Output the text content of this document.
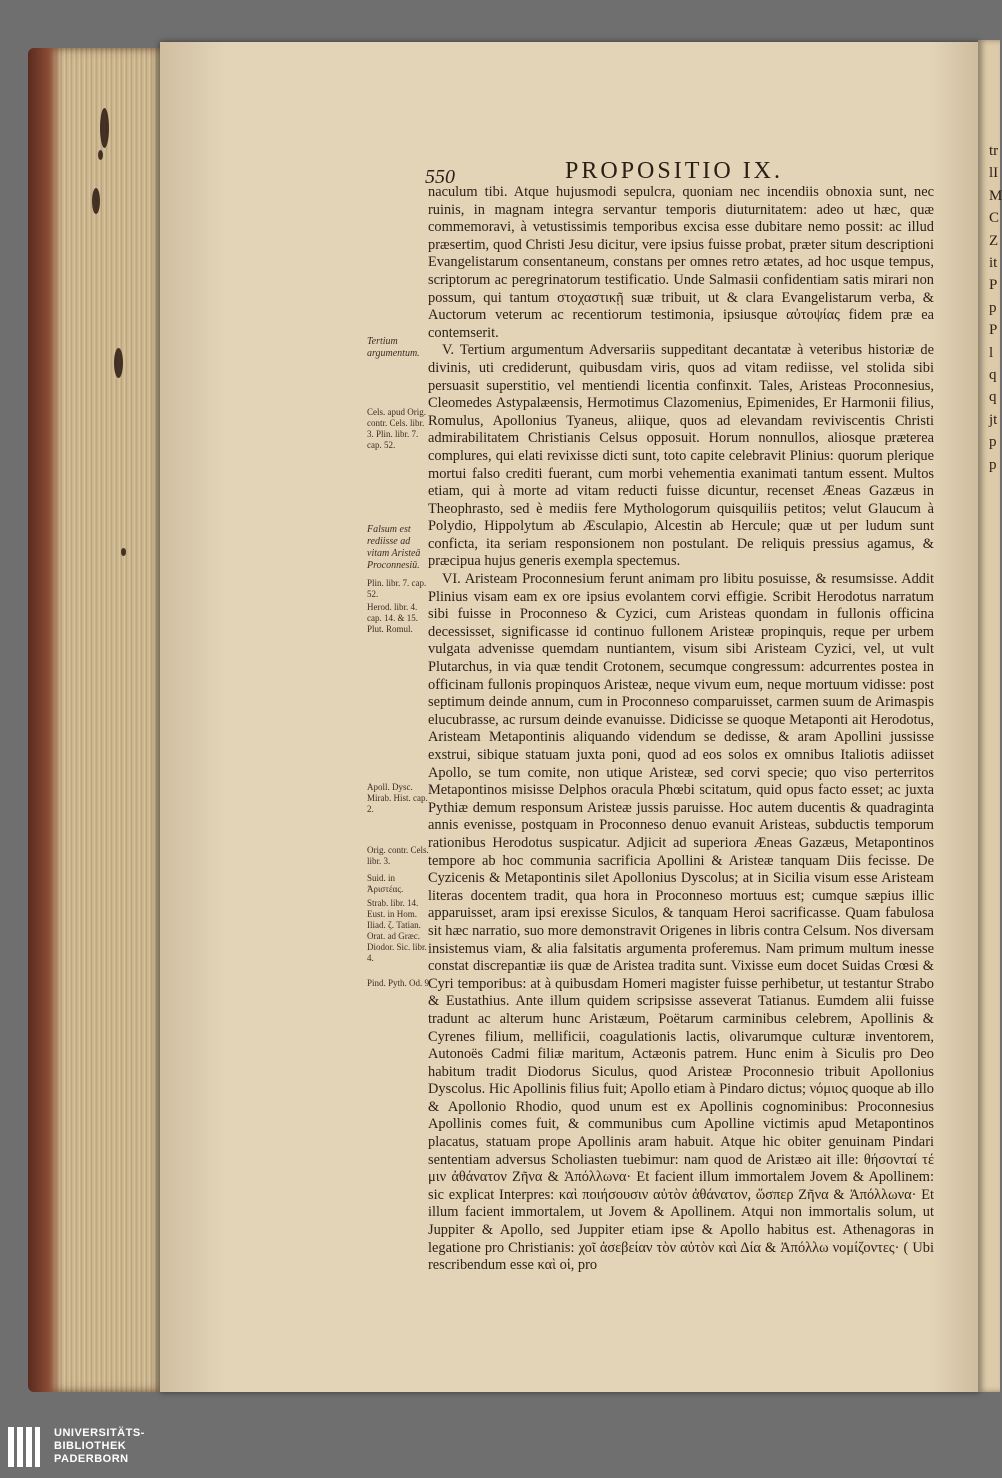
trlIMCZitPpPlqqjtpp
550	PROPOSITIO IX.

naculum tibi. Atque hujusmodi sepulcra, quoniam nec incendiis obnoxia sunt, nec ruinis, in magnam integra servantur temporis diuturnitatem: adeo ut hæc, quæ commemoravi, à vetustissimis temporibus excisa esse dubitare nemo possit: ac illud præsertim, quod Christi Jesu dicitur, vere ipsius fuisse probat, præter situm descriptioni Evangelistarum consentaneum, constans per omnes retro ætates, ad hoc usque tempus, scriptorum ac peregrinatorum testificatio. Unde Salmasii confidentiam satis mirari non possum, qui tantum στοχαστικῇ suæ tribuit, ut & clara Evangelistarum verba, & Auctorum veterum ac recentiorum testimonia, ipsiusque αὐτοψίας fidem præ ea contemserit.

V. Tertium argumentum Adversariis suppeditant decantatæ à veteribus historiæ de divinis, uti crediderunt, quibusdam viris, quos ad vitam rediisse, vel stolida sibi persuasit superstitio, vel mentiendi licentia confinxit. Tales, Aristeas Proconnesius, Cleomedes Astypalæensis, Hermotimus Clazomenius, Epimenides, Er Harmonii filius, Romulus, Apollonius Tyaneus, aliique, quos ad elevandam reviviscentis Christi admirabilitatem Christianis Celsus opposuit. Horum nonnullos, aliosque præterea complures, qui elati revixisse dicti sunt, toto capite celebravit Plinius: quorum plerique mortui falso crediti fuerant, cum morbi vehementia exanimati tantum essent. Multos etiam, qui à morte ad vitam reducti fuisse dicuntur, recenset Æneas Gazæus in Theophrasto, sed è mediis fere Mythologorum quisquiliis petitos; velut Glaucum à Polydio, Hippolytum ab Æsculapio, Alcestin ab Hercule; quæ ut per ludum sunt conficta, ita seriam responsionem non postulant. De reliquis pressius agamus, & præcipua hujus generis exempla spectemus.

VI. Aristeam Proconnesium ferunt animam pro libitu posuisse, & resumsisse. Addit Plinius visam eam ex ore ipsius evolantem corvi effigie. Scribit Herodotus narratum sibi fuisse in Proconneso & Cyzici, cum Aristeas quondam in fullonis officina decessisset, significasse id continuo fullonem Aristeæ propinquis, reque per urbem vulgata advenisse quemdam nuntiantem, visum sibi Aristeam Cyzici, vel, ut vult Plutarchus, in via quæ tendit Crotonem, secumque congressum: adcurrentes postea in officinam fullonis propinquos Aristeæ, neque vivum eum, neque mortuum vidisse: post septimum deinde annum, cum in Proconneso comparuisset, carmen suum de Arimaspis elucubrasse, ac rursum deinde evanuisse. Didicisse se quoque Metaponti ait Herodotus, Aristeam Metapontinis aliquando videndum se dedisse, & aram Apollini jussisse exstrui, sibique statuam juxta poni, quod ad eos solos ex omnibus Italiotis adiisset Apollo, se tum comite, non utique Aristeæ, sed corvi specie; quo viso perterritos Metapontinos misisse Delphos oracula Phœbi scitatum, quid opus facto esset; ac juxta Pythiæ demum responsum Aristeæ jussis paruisse. Hoc autem ducentis & quadraginta annis evenisse, postquam in Proconneso denuo evanuit Aristeas, subductis temporum rationibus Herodotus suspicatur. Adjicit ad superiora Æneas Gazæus, Metapontinos tempore ab hoc communia sacrificia Apollini & Aristeæ tanquam Diis fecisse. De Cyzicenis & Metapontinis silet Apollonius Dyscolus; at in Sicilia visum esse Aristeam literas docentem tradit, qua hora in Proconneso mortuus est; cumque sæpius illic apparuisset, aram ipsi erexisse Siculos, & tanquam Heroi sacrificasse. Quam fabulosa sit hæc narratio, suo more demonstravit Origenes in libris contra Celsum. Nos diversam insistemus viam, & alia falsitatis argumenta proferemus. Nam primum multum inesse constat discrepantiæ iis quæ de Aristea tradita sunt. Vixisse eum docet Suidas Crœsi & Cyri temporibus: at à quibusdam Homeri magister fuisse perhibetur, ut testantur Strabo & Eustathius. Ante illum quidem scripsisse asseverat Tatianus. Eumdem alii fuisse tradunt ac alterum hunc Aristæum, Poëtarum carminibus celebrem, Apollinis & Cyrenes filium, mellificii, coagulationis lactis, olivarumque culturæ inventorem, Autonoës Cadmi filiæ maritum, Actæonis patrem. Hunc enim à Siculis pro Deo habitum tradit Diodorus Siculus, quod Aristeæ Proconnesio tribuit Apollonius Dyscolus. Hic Apollinis filius fuit; Apollo etiam à Pindaro dictus; νόμιος quoque ab illo & Apollonio Rhodio, quod unum est ex Apollinis cognominibus: Proconnesius Apollinis comes fuit, & communibus cum Apolline victimis apud Metapontinos placatus, statuam prope Apollinis aram habuit. Atque hic obiter genuinam Pindari sententiam adversus Scholiasten tuebimur: nam quod de Aristæo ait ille: θήσονταί τέ μιν ἀθάνατον Ζῆνα & Ἀπόλλωνα· Et facient illum immortalem Jovem & Apollinem: sic explicat Interpres: καὶ ποιήσουσιν αὐτὸν ἀθάνατον, ὥσπερ Ζῆνα & Ἀπόλλωνα· Et illum facient immortalem, ut Jovem & Apollinem. Atqui non immortalis solum, ut Juppiter & Apollo, sed Juppiter etiam ipse & Apollo habitus est. Athenagoras in legatione pro Christianis: χοῖ ἀσεβείαν τὸν αὐτὸν καὶ Δία & Ἀπόλλω νομίζοντες· ( Ubi rescribendum esse καὶ οἱ, pro

Tertium argumentum.
Cels. apud Orig. contr. Cels. libr. 3. Plin. libr. 7. cap. 52.
Falsum est rediisse ad vitam Aristeā Proconnesiū.
Plin. libr. 7. cap. 52.
Herod. libr. 4. cap. 14. & 15. Plut. Romul.
Apoll. Dysc. Mirab. Hist. cap. 2.
Orig. contr. Cels. libr. 3.
Suid. in Ἀριστέας.
Strab. libr. 14. Eust. in Hom. Iliad. ζ. Tatian. Orat. ad Græc. Diodor. Sic. libr. 4.
Pind. Pyth. Od. 9.
UNIVERSITÄTS-
BIBLIOTHEK
PADERBORN
